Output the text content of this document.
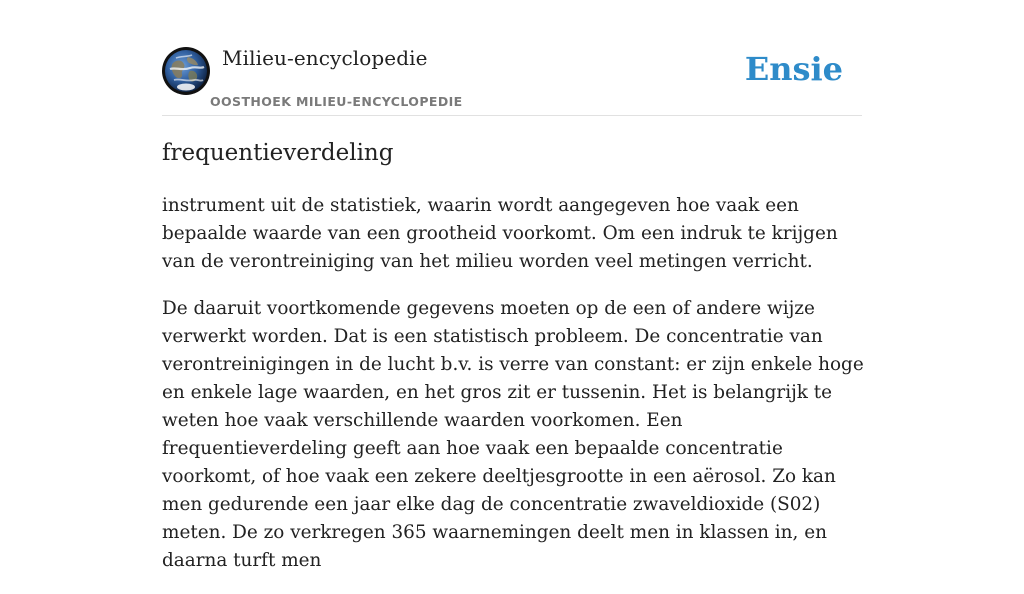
Milieu-encyclopedie
OOSTHOEK MILIEU-ENCYCLOPEDIE
Ensie
frequentieverdeling

instrument uit de statistiek, waarin wordt aangegeven hoe vaak een bepaalde waarde van een grootheid voorkomt. Om een indruk te krijgen van de verontreiniging van het milieu worden veel metingen verricht.

De daaruit voortkomende gegevens moeten op de een of andere wijze verwerkt worden. Dat is een statistisch probleem. De concentratie van verontreinigingen in de lucht b.v. is verre van constant: er zijn enkele hoge en enkele lage waarden, en het gros zit er tussenin. Het is belangrijk te weten hoe vaak verschillende waarden voorkomen. Een frequentieverdeling geeft aan hoe vaak een bepaalde concentratie voorkomt, of hoe vaak een zekere deeltjesgrootte in een aërosol. Zo kan men gedurende een jaar elke dag de concentratie zwaveldioxide (S02) meten. De zo verkregen 365 waarnemingen deelt men in klassen in, en daarna turft men
